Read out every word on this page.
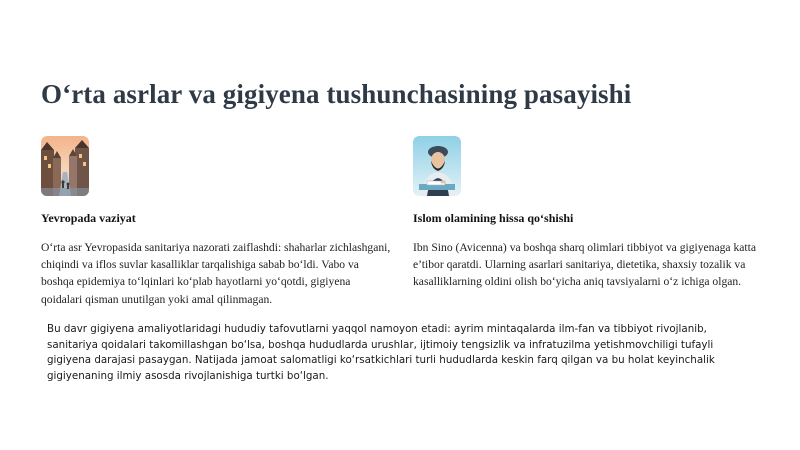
O‘rta asrlar va gigiyena tushunchasining pasayishi
Yevropada vaziyat
O‘rta asr Yevropasida sanitariya nazorati zaiflashdi: shaharlar zichlashgani, chiqindi va iflos suvlar kasalliklar tarqalishiga sabab bo‘ldi. Vabo va boshqa epidemiya to‘lqinlari ko‘plab hayotlarni yo‘qotdi, gigiyena qoidalari qisman unutilgan yoki amal qilinmagan.
Islom olamining hissa qo‘shishi
Ibn Sino (Avicenna) va boshqa sharq olimlari tibbiyot va gigiyenaga katta e’tibor qaratdi. Ularning asarlari sanitariya, dietetika, shaxsiy tozalik va kasalliklarning oldini olish bo‘yicha aniq tavsiyalarni o‘z ichiga olgan.
Bu davr gigiyena amaliyotlaridagi hududiy tafovutlarni yaqqol namoyon etadi: ayrim mintaqalarda ilm-fan va tibbiyot rivojlanib, sanitariya qoidalari takomillashgan bo‘lsa, boshqa hududlarda urushlar, ijtimoiy tengsizlik va infratuzilma yetishmovchiligi tufayli gigiyena darajasi pasaygan. Natijada jamoat salomatligi ko‘rsatkichlari turli hududlarda keskin farq qilgan va bu holat keyinchalik gigiyenaning ilmiy asosda rivojlanishiga turtki bo‘lgan.
